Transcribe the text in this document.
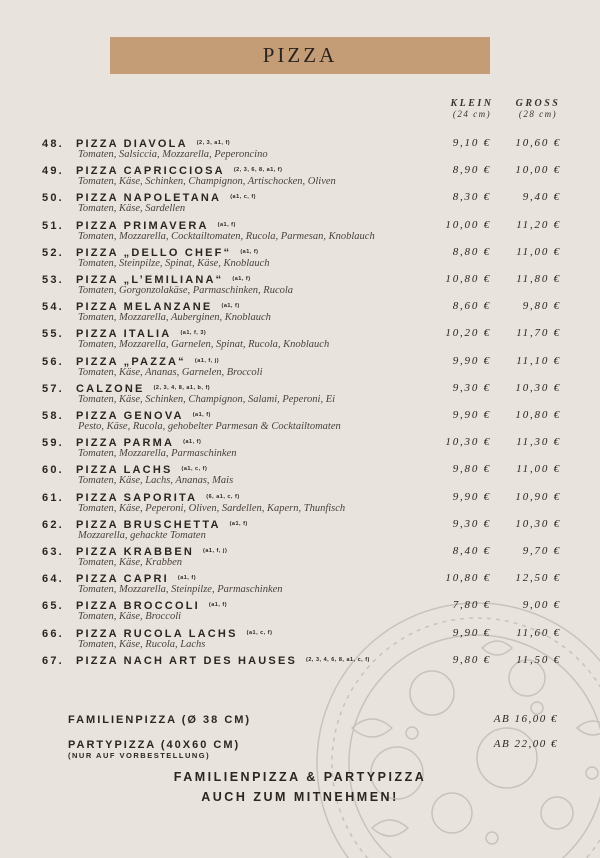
PIZZA
KLEIN
(24 cm)
GROSS
(28 cm)
48.	PIZZA DIAVOLA (2, 3, a1, f)
Tomaten, Salsiccia, Mozzarella, Peperoncino
9,10 € 10,60 €
49.	PIZZA CAPRICCIOSA (2, 3, 6, 8, a1, f)
Tomaten, Käse, Schinken, Champignon, Artischocken, Oliven
8,90 € 10,00 €
50.	PIZZA NAPOLETANA (a1, c, f)
Tomaten, Käse, Sardellen
8,30 €	9,40 €
51.	PIZZA PRIMAVERA (a1, f)
Tomaten, Mozzarella, Cocktailtomaten, Rucola, Parmesan, Knoblauch
10,00 € 11,20 €
52.	PIZZA „DELLO CHEF“ (a1, f)
Tomaten, Steinpilze, Spinat, Käse, Knoblauch
8,80 € 11,00 €
53.	PIZZA „L’EMILIANA“ (a1, f)
Tomaten, Gorgonzolakäse, Parmaschinken, Rucola
10,80 € 11,80 €
54.	PIZZA MELANZANE (a1, f)
Tomaten, Mozzarella, Auberginen, Knoblauch
8,60 €	9,80 €
55.	PIZZA ITALIA (a1, f, 3)
Tomaten, Mozzarella, Garnelen, Spinat, Rucola, Knoblauch
10,20 € 11,70 €
56.	PIZZA „PAZZA“ (a1, f, j)
Tomaten, Käse, Ananas, Garnelen, Broccoli
9,90 € 11,10 €
57.	CALZONE (2, 3, 4, 8, a1, b, f)
Tomaten, Käse, Schinken, Champignon, Salami, Peperoni, Ei
9,30 € 10,30 €
58.	PIZZA GENOVA (a1, f)
Pesto, Käse, Rucola, gehobelter Parmesan & Cocktailtomaten
9,90 € 10,80 €
59.	PIZZA PARMA (a1, f)
Tomaten, Mozzarella, Parmaschinken
10,30 € 11,30 €
60.	PIZZA LACHS (a1, c, f)
Tomaten, Käse, Lachs, Ananas, Mais
9,80 € 11,00 €
61.	PIZZA SAPORITA (6, a1, c, f)
Tomaten, Käse, Peperoni, Oliven, Sardellen, Kapern, Thunfisch
9,90 € 10,90 €
62.	PIZZA BRUSCHETTA (a1, f)
Mozzarella, gehackte Tomaten
9,30 € 10,30 €
63.	PIZZA KRABBEN (a1, f, j)
Tomaten, Käse, Krabben
8,40 €	9,70 €
64.	PIZZA CAPRI (a1, f)
Tomaten, Mozzarella, Steinpilze, Parmaschinken
10,80 € 12,50 €
65.	PIZZA BROCCOLI (a1, f)
Tomaten, Käse, Broccoli
7,80 €	9,00 €
66.	PIZZA RUCOLA LACHS (a1, c, f)
Tomaten, Käse, Rucola, Lachs
9,90 € 11,60 €
67.	PIZZA NACH ART DES HAUSES (2, 3, 4, 6, 8, a1, c, f)	9,80 € 11,50 €
FAMILIENPIZZA (Ø 38 CM)	AB 16,00 €
PARTYPIZZA (40X60 CM)
(NUR AUF VORBESTELLUNG)
AB 22,00 €
FAMILIENPIZZA & PARTYPIZZA
AUCH ZUM MITNEHMEN!
